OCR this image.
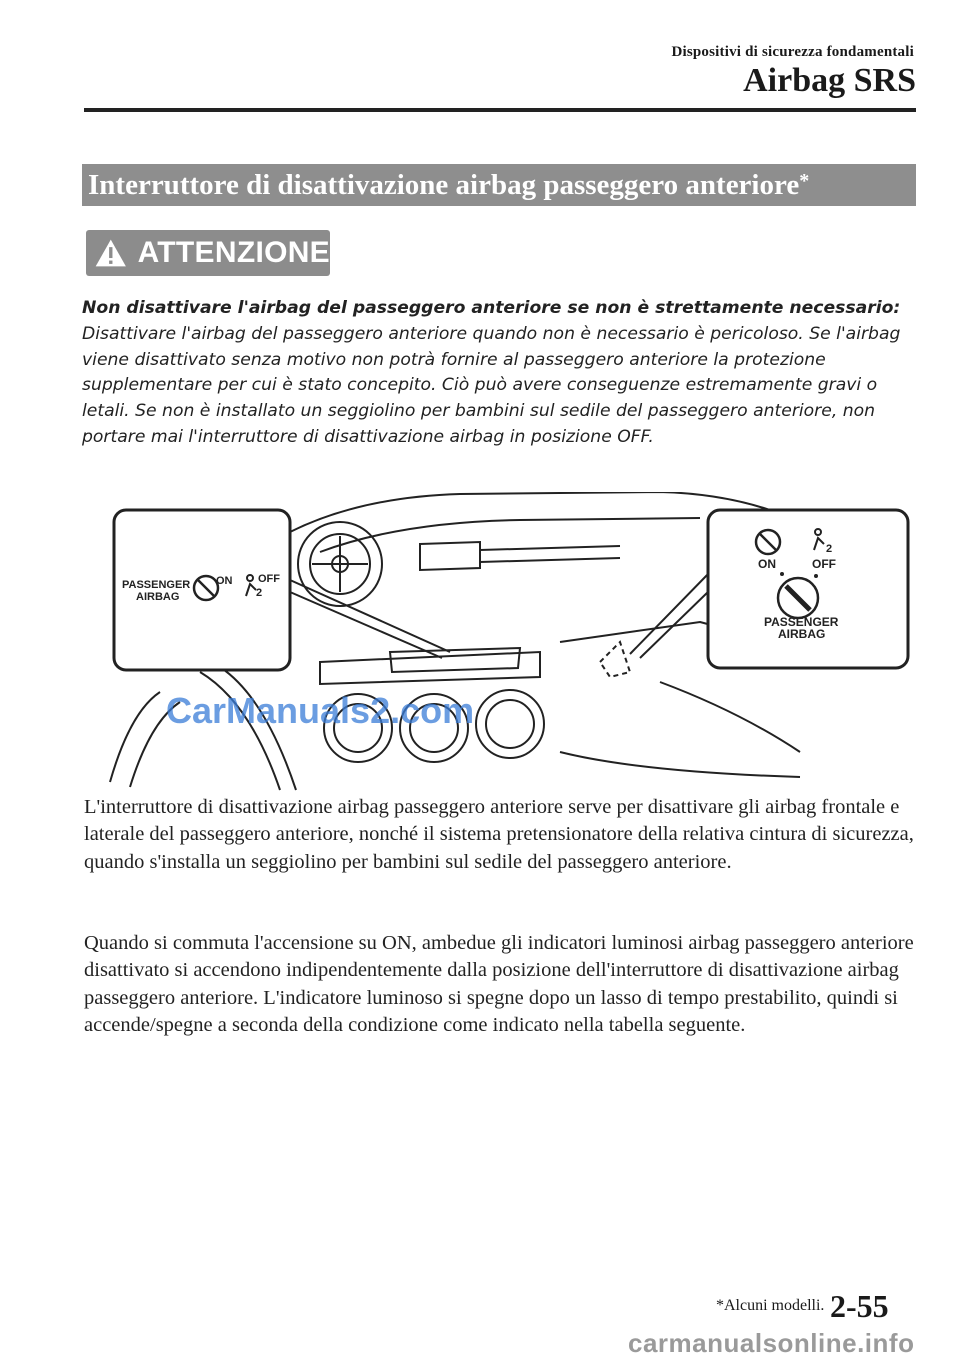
Dispositivi di sicurezza fondamentali
Airbag SRS
Interruttore di disattivazione airbag passeggero anteriore*
ATTENZIONE
Non disattivare l'airbag del passeggero anteriore se non è strettamente necessario:
Disattivare l'airbag del passeggero anteriore quando non è necessario è pericoloso. Se l'airbag viene disattivato senza motivo non potrà fornire al passeggero anteriore la protezione supplementare per cui è stato concepito. Ciò può avere conseguenze estremamente gravi o letali. Se non è installato un seggiolino per bambini sul sedile del passeggero anteriore, non portare mai l'interruttore di disattivazione airbag in posizione OFF.
PASSENGER
AIRBAG
ON OFF
2
2
ON	OFF
PASSENGER
AIRBAG
CarManuals2.com
L'interruttore di disattivazione airbag passeggero anteriore serve per disattivare gli airbag frontale e laterale del passeggero anteriore, nonché il sistema pretensionatore della relativa cintura di sicurezza, quando s'installa un seggiolino per bambini sul sedile del passeggero anteriore.
Quando si commuta l'accensione su ON, ambedue gli indicatori luminosi airbag passeggero anteriore disattivato si accendono indipendentemente dalla posizione dell'interruttore di disattivazione airbag passeggero anteriore. L'indicatore luminoso si spegne dopo un lasso di tempo prestabilito, quindi si accende/spegne a seconda della condizione come indicato nella tabella seguente.
*Alcuni modelli. 2-55
carmanualsonline.info
